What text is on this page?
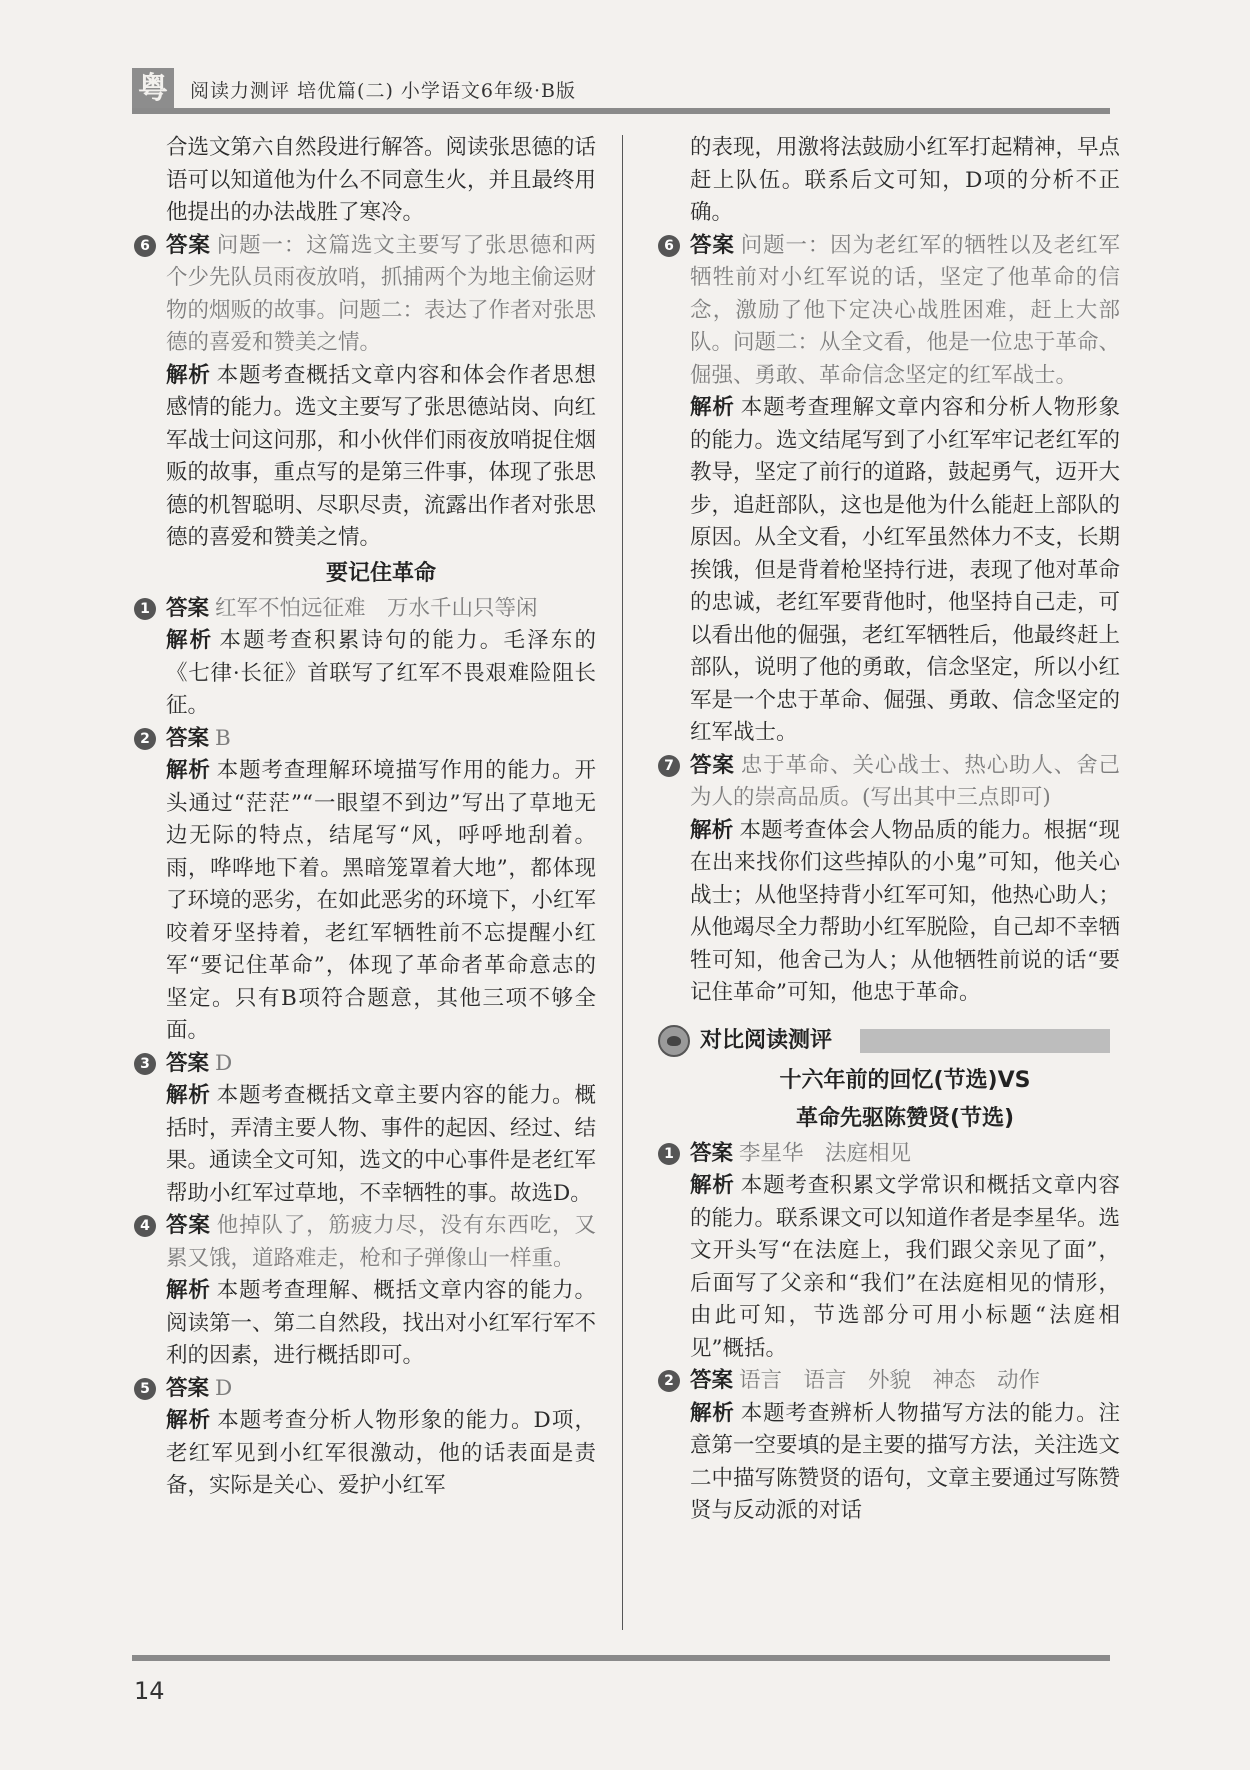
粤	阅读力测评 培优篇(二) 小学语文6年级·B版

合选文第六自然段进行解答。阅读张思德的话语可以知道他为什么不同意生火，并且最终用他提出的办法战胜了寒冷。

6 答案 问题一：这篇选文主要写了张思德和两个少先队员雨夜放哨，抓捕两个为地主偷运财物的烟贩的故事。问题二：表达了作者对张思德的喜爱和赞美之情。

解析 本题考查概括文章内容和体会作者思想感情的能力。选文主要写了张思德站岗、向红军战士问这问那，和小伙伴们雨夜放哨捉住烟贩的故事，重点写的是第三件事，体现了张思德的机智聪明、尽职尽责，流露出作者对张思德的喜爱和赞美之情。

要记住革命
1 答案 红军不怕远征难　万水千山只等闲

解析 本题考查积累诗句的能力。毛泽东的《七律·长征》首联写了红军不畏艰难险阻长征。

2 答案 B

解析 本题考查理解环境描写作用的能力。开头通过“茫茫”“一眼望不到边”写出了草地无边无际的特点，结尾写“风，呼呼地刮着。雨，哗哗地下着。黑暗笼罩着大地”，都体现了环境的恶劣，在如此恶劣的环境下，小红军咬着牙坚持着，老红军牺牲前不忘提醒小红军“要记住革命”，体现了革命者革命意志的坚定。只有B项符合题意，其他三项不够全面。

3 答案 D

解析 本题考查概括文章主要内容的能力。概括时，弄清主要人物、事件的起因、经过、结果。通读全文可知，选文的中心事件是老红军帮助小红军过草地，不幸牺牲的事。故选D。

4 答案 他掉队了，筋疲力尽，没有东西吃，又累又饿，道路难走，枪和子弹像山一样重。

解析 本题考查理解、概括文章内容的能力。阅读第一、第二自然段，找出对小红军行军不利的因素，进行概括即可。

5 答案 D

解析 本题考查分析人物形象的能力。D项，老红军见到小红军很激动，他的话表面是责备，实际是关心、爱护小红军

的表现，用激将法鼓励小红军打起精神，早点赶上队伍。联系后文可知，D项的分析不正确。

6 答案 问题一：因为老红军的牺牲以及老红军牺牲前对小红军说的话，坚定了他革命的信念，激励了他下定决心战胜困难，赶上大部队。问题二：从全文看，他是一位忠于革命、倔强、勇敢、革命信念坚定的红军战士。

解析 本题考查理解文章内容和分析人物形象的能力。选文结尾写到了小红军牢记老红军的教导，坚定了前行的道路，鼓起勇气，迈开大步，追赶部队，这也是他为什么能赶上部队的原因。从全文看，小红军虽然体力不支，长期挨饿，但是背着枪坚持行进，表现了他对革命的忠诚，老红军要背他时，他坚持自己走，可以看出他的倔强，老红军牺牲后，他最终赶上部队，说明了他的勇敢，信念坚定，所以小红军是一个忠于革命、倔强、勇敢、信念坚定的红军战士。

7 答案 忠于革命、关心战士、热心助人、舍己为人的崇高品质。(写出其中三点即可)

解析 本题考查体会人物品质的能力。根据“现在出来找你们这些掉队的小鬼”可知，他关心战士；从他坚持背小红军可知，他热心助人；从他竭尽全力帮助小红军脱险，自己却不幸牺牲可知，他舍己为人；从他牺牲前说的话“要记住革命”可知，他忠于革命。

对比阅读测评
十六年前的回忆(节选)VS
革命先驱陈赞贤(节选)
1 答案 李星华　法庭相见

解析 本题考查积累文学常识和概括文章内容的能力。联系课文可以知道作者是李星华。选文开头写“在法庭上，我们跟父亲见了面”，后面写了父亲和“我们”在法庭相见的情形，由此可知，节选部分可用小标题“法庭相见”概括。

2 答案 语言　语言　外貌　神态　动作

解析 本题考查辨析人物描写方法的能力。注意第一空要填的是主要的描写方法，关注选文二中描写陈赞贤的语句，文章主要通过写陈赞贤与反动派的对话

14
